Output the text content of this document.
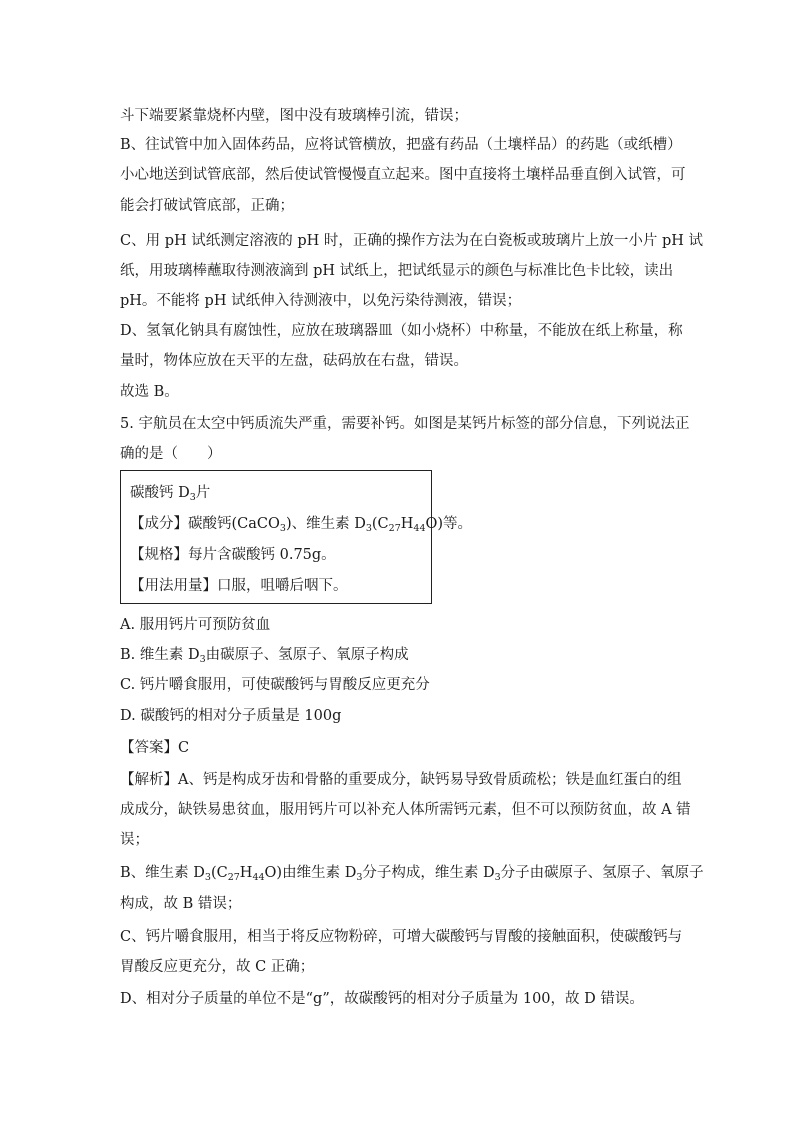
斗下端要紧靠烧杯内壁，图中没有玻璃棒引流，错误；
B、往试管中加入固体药品，应将试管横放，把盛有药品（土壤样品）的药匙（或纸槽）
小心地送到试管底部，然后使试管慢慢直立起来。图中直接将土壤样品垂直倒入试管，可
能会打破试管底部，正确；
C、用 pH 试纸测定溶液的 pH 时，正确的操作方法为在白瓷板或玻璃片上放一小片 pH 试
纸，用玻璃棒蘸取待测液滴到 pH 试纸上，把试纸显示的颜色与标准比色卡比较，读出
pH。不能将 pH 试纸伸入待测液中，以免污染待测液，错误；
D、氢氧化钠具有腐蚀性，应放在玻璃器皿（如小烧杯）中称量，不能放在纸上称量，称
量时，物体应放在天平的左盘，砝码放在右盘，错误。
故选 B。
5. 宇航员在太空中钙质流失严重，需要补钙。如图是某钙片标签的部分信息，下列说法正
确的是（　　）
碳酸钙 $D_3$片
【成分】碳酸钙(CaCO$_3$)、维生素 $D_3(C_{27}H_{44}O)$等。
【规格】每片含碳酸钙 0.75g。
【用法用量】口服，咀嚼后咽下。
A. 服用钙片可预防贫血
B. 维生素 $D_3$由碳原子、氢原子、氧原子构成
C. 钙片嚼食服用，可使碳酸钙与胃酸反应更充分
D. 碳酸钙的相对分子质量是 100g
【答案】C
【解析】A、钙是构成牙齿和骨骼的重要成分，缺钙易导致骨质疏松；铁是血红蛋白的组
成成分，缺铁易患贫血，服用钙片可以补充人体所需钙元素，但不可以预防贫血，故 A 错
误；
B、维生素 $D_3(C_{27}H_{44}O)$由维生素 $D_3$分子构成，维生素 $D_3$分子由碳原子、氢原子、氧原子
构成，故 B 错误；
C、钙片嚼食服用，相当于将反应物粉碎，可增大碳酸钙与胃酸的接触面积，使碳酸钙与
胃酸反应更充分，故 C 正确；
D、相对分子质量的单位不是“g”，故碳酸钙的相对分子质量为 100，故 D 错误。
